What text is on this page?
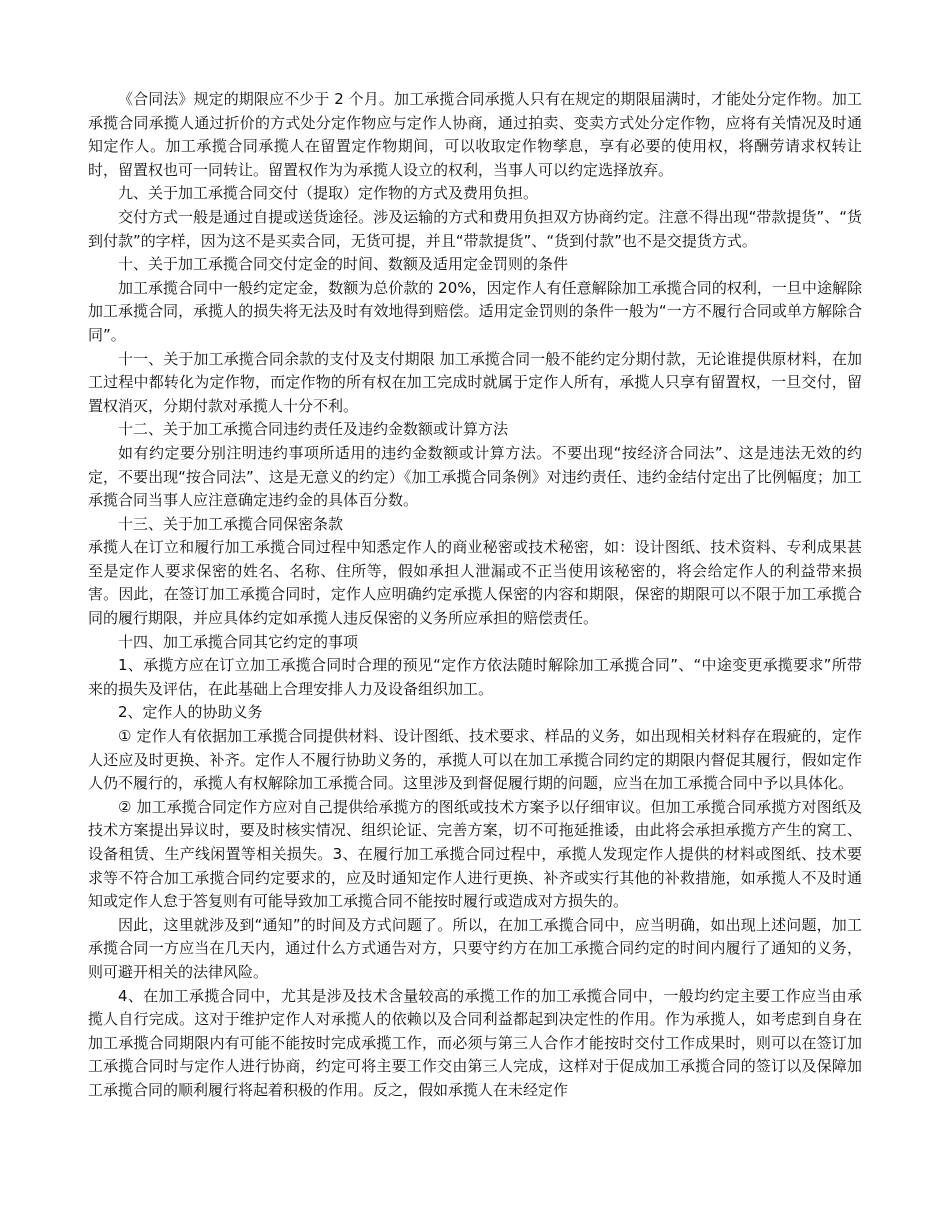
《合同法》规定的期限应不少于 2 个月。加工承揽合同承揽人只有在规定的期限届满时，才能处分定作物。加工承揽合同承揽人通过折价的方式处分定作物应与定作人协商，通过拍卖、变卖方式处分定作物，应将有关情况及时通知定作人。加工承揽合同承揽人在留置定作物期间，可以收取定作物孳息，享有必要的使用权，将酬劳请求权转让时，留置权也可一同转让。留置权作为为承揽人设立的权利，当事人可以约定选择放弃。

九、关于加工承揽合同交付（提取）定作物的方式及费用负担。

交付方式一般是通过自提或送货途径。涉及运输的方式和费用负担双方协商约定。注意不得出现“带款提货”、“货到付款”的字样，因为这不是买卖合同，无货可提，并且“带款提货”、“货到付款”也不是交提货方式。

十、关于加工承揽合同交付定金的时间、数额及适用定金罚则的条件

加工承揽合同中一般约定定金，数额为总价款的 20%，因定作人有任意解除加工承揽合同的权利，一旦中途解除加工承揽合同，承揽人的损失将无法及时有效地得到赔偿。适用定金罚则的条件一般为“一方不履行合同或单方解除合同”。

十一、关于加工承揽合同余款的支付及支付期限 加工承揽合同一般不能约定分期付款，无论谁提供原材料，在加工过程中都转化为定作物，而定作物的所有权在加工完成时就属于定作人所有，承揽人只享有留置权，一旦交付，留置权消灭，分期付款对承揽人十分不利。

十二、关于加工承揽合同违约责任及违约金数额或计算方法

如有约定要分别注明违约事项所适用的违约金数额或计算方法。不要出现“按经济合同法”、这是违法无效的约定，不要出现“按合同法”、这是无意义的约定）《加工承揽合同条例》对违约责任、违约金结付定出了比例幅度；加工承揽合同当事人应注意确定违约金的具体百分数。

十三、关于加工承揽合同保密条款

承揽人在订立和履行加工承揽合同过程中知悉定作人的商业秘密或技术秘密，如：设计图纸、技术资料、专利成果甚至是定作人要求保密的姓名、名称、住所等，假如承担人泄漏或不正当使用该秘密的，将会给定作人的利益带来损害。因此，在签订加工承揽合同时，定作人应明确约定承揽人保密的内容和期限，保密的期限可以不限于加工承揽合同的履行期限，并应具体约定如承揽人违反保密的义务所应承担的赔偿责任。

十四、加工承揽合同其它约定的事项

1、承揽方应在订立加工承揽合同时合理的预见“定作方依法随时解除加工承揽合同”、“中途变更承揽要求”所带来的损失及评估，在此基础上合理安排人力及设备组织加工。

2、定作人的协助义务

① 定作人有依据加工承揽合同提供材料、设计图纸、技术要求、样品的义务，如出现相关材料存在瑕疵的，定作人还应及时更换、补齐。定作人不履行协助义务的，承揽人可以在加工承揽合同约定的期限内督促其履行，假如定作人仍不履行的，承揽人有权解除加工承揽合同。这里涉及到督促履行期的问题，应当在加工承揽合同中予以具体化。

② 加工承揽合同定作方应对自己提供给承揽方的图纸或技术方案予以仔细审议。但加工承揽合同承揽方对图纸及技术方案提出异议时，要及时核实情况、组织论证、完善方案，切不可拖延推诿，由此将会承担承揽方产生的窝工、设备租赁、生产线闲置等相关损失。3、在履行加工承揽合同过程中，承揽人发现定作人提供的材料或图纸、技术要求等不符合加工承揽合同约定要求的，应及时通知定作人进行更换、补齐或实行其他的补救措施，如承揽人不及时通知或定作人怠于答复则有可能导致加工承揽合同不能按时履行或造成对方损失的。

因此，这里就涉及到“通知”的时间及方式问题了。所以，在加工承揽合同中，应当明确，如出现上述问题，加工承揽合同一方应当在几天内，通过什么方式通告对方，只要守约方在加工承揽合同约定的时间内履行了通知的义务，则可避开相关的法律风险。

4、在加工承揽合同中，尤其是涉及技术含量较高的承揽工作的加工承揽合同中，一般均约定主要工作应当由承揽人自行完成。这对于维护定作人对承揽人的依赖以及合同利益都起到决定性的作用。作为承揽人，如考虑到自身在加工承揽合同期限内有可能不能按时完成承揽工作，而必须与第三人合作才能按时交付工作成果时，则可以在签订加工承揽合同时与定作人进行协商，约定可将主要工作交由第三人完成，这样对于促成加工承揽合同的签订以及保障加工承揽合同的顺利履行将起着积极的作用。反之，假如承揽人在未经定作
